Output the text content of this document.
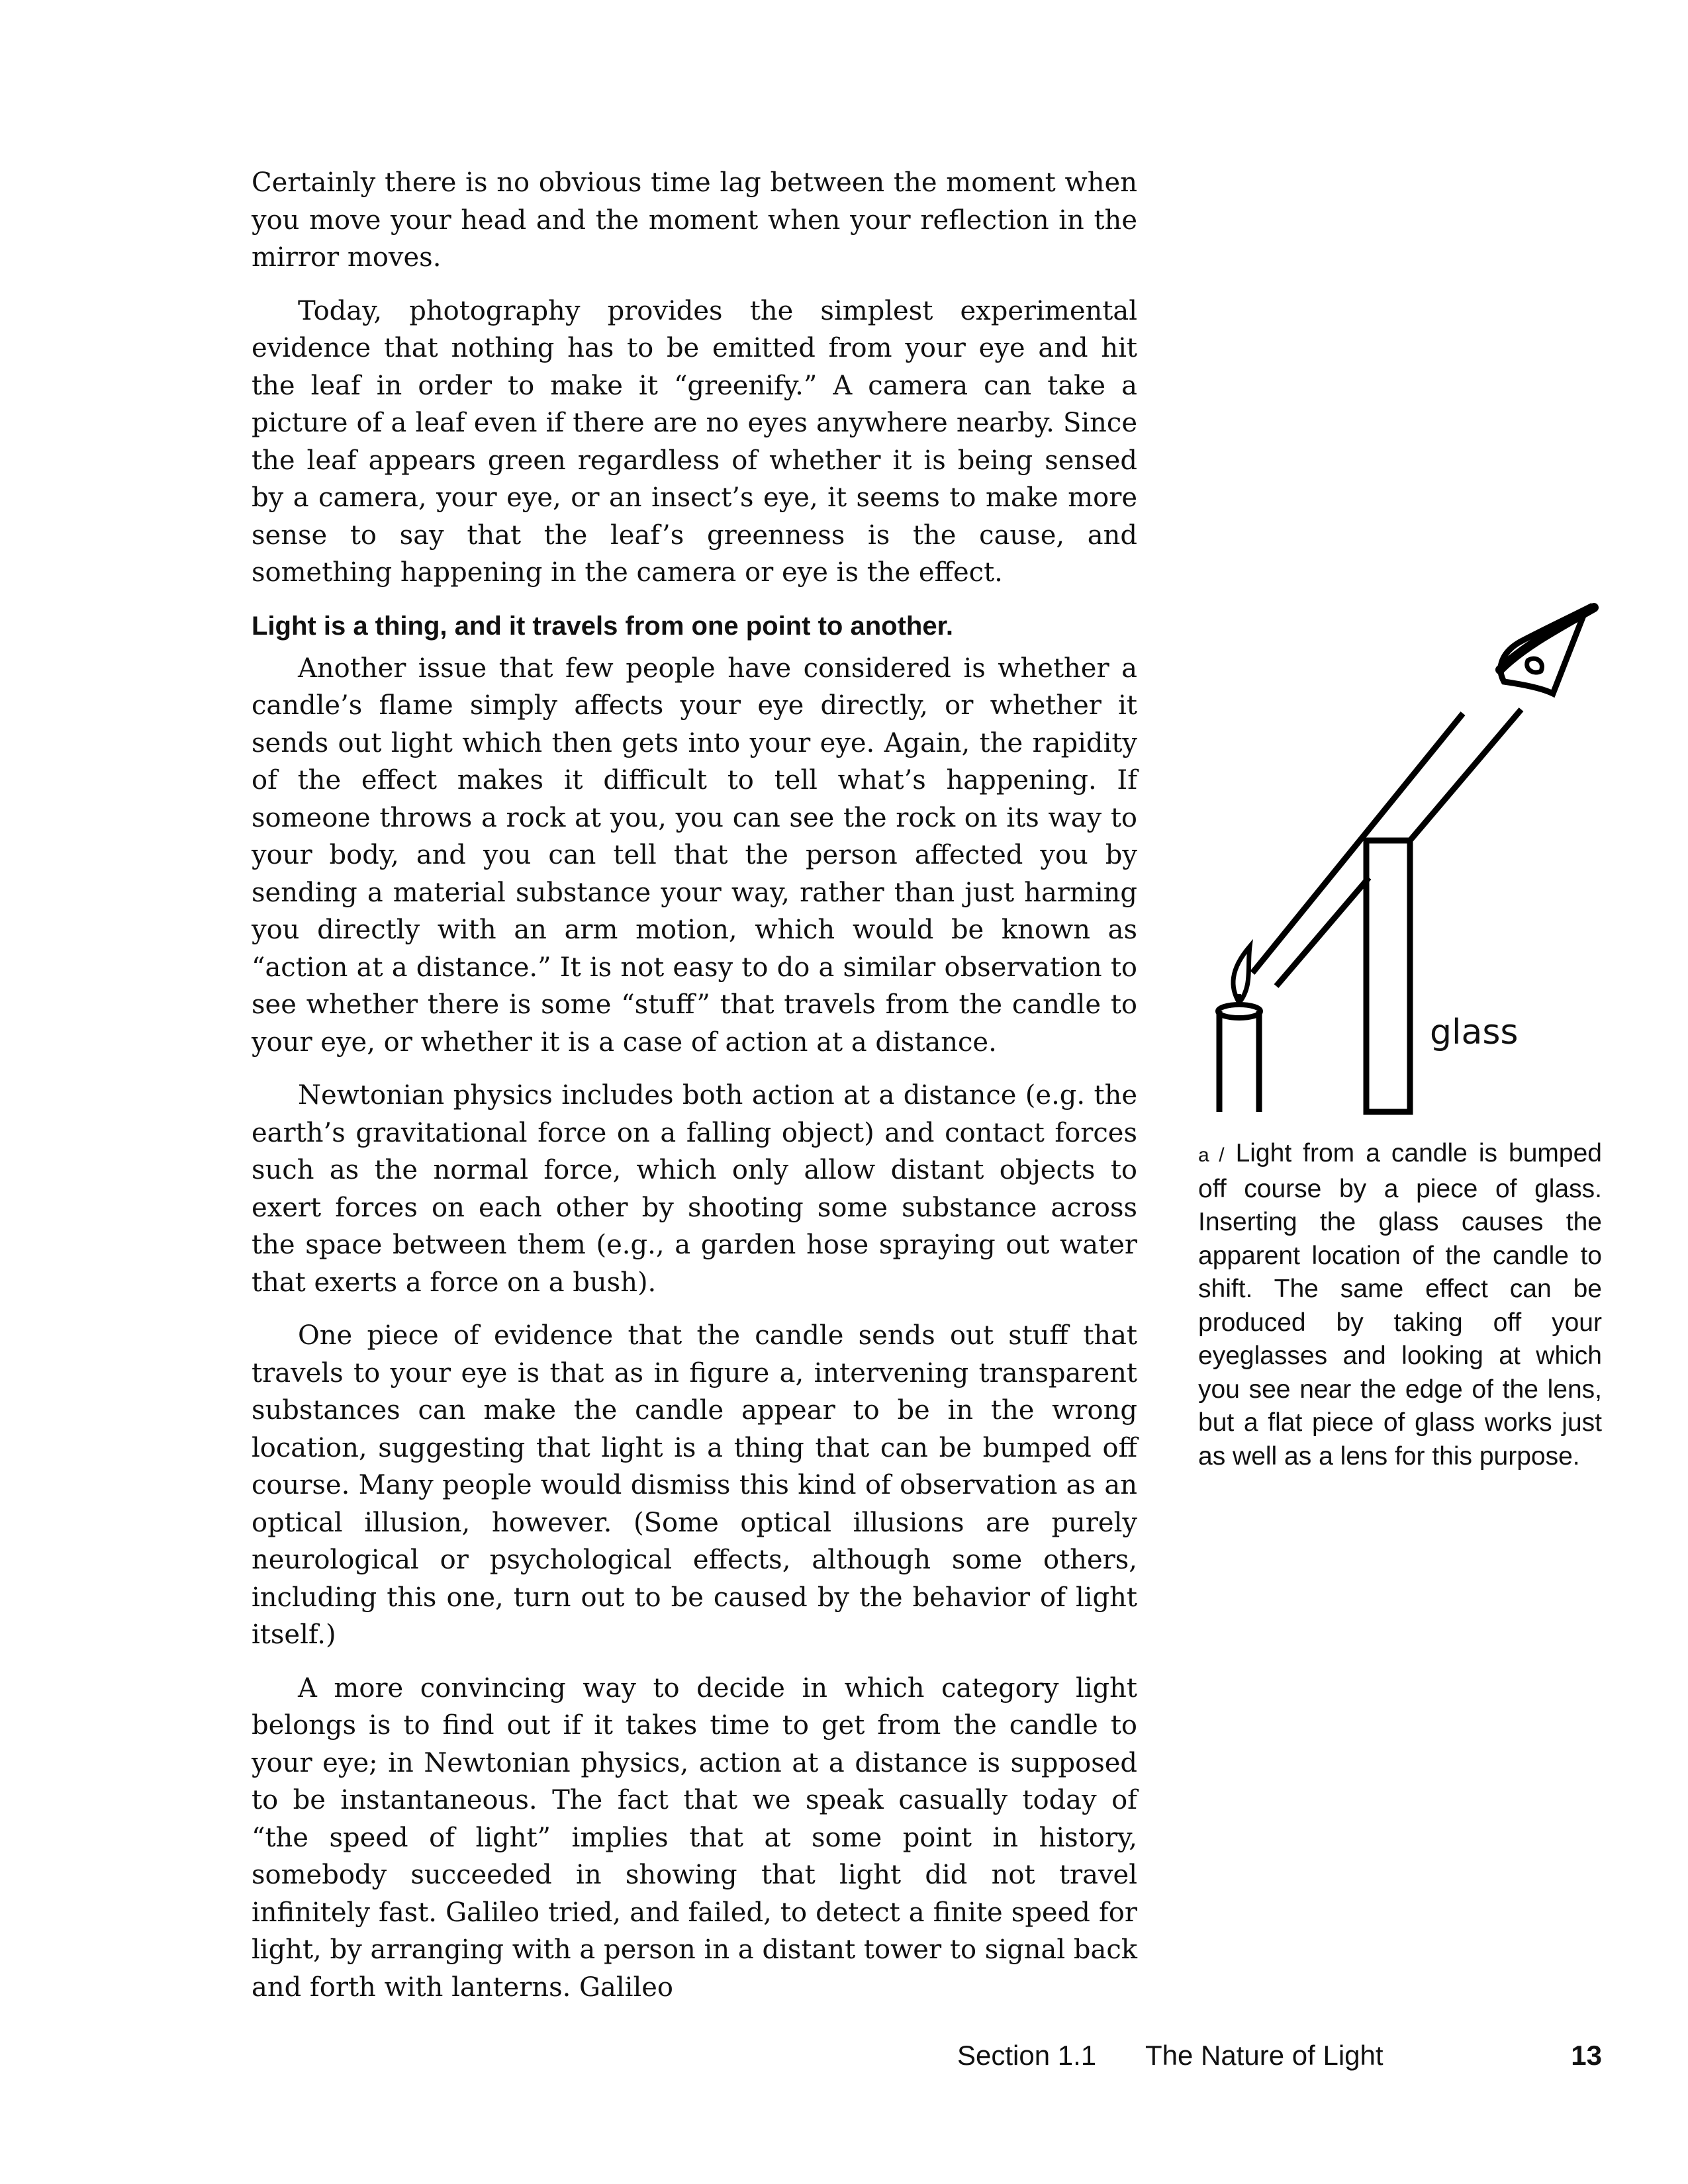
Certainly there is no obvious time lag between the moment when you move your head and the moment when your reflection in the mirror moves.

Today, photography provides the simplest experimental evidence that nothing has to be emitted from your eye and hit the leaf in order to make it “greenify.” A camera can take a picture of a leaf even if there are no eyes anywhere nearby. Since the leaf appears green regardless of whether it is being sensed by a camera, your eye, or an insect’s eye, it seems to make more sense to say that the leaf’s greenness is the cause, and something happening in the camera or eye is the effect.

Light is a thing, and it travels from one point to another.

Another issue that few people have considered is whether a candle’s flame simply affects your eye directly, or whether it sends out light which then gets into your eye. Again, the rapidity of the effect makes it difficult to tell what’s happening. If someone throws a rock at you, you can see the rock on its way to your body, and you can tell that the person affected you by sending a material substance your way, rather than just harming you directly with an arm motion, which would be known as “action at a distance.” It is not easy to do a similar observation to see whether there is some “stuff” that travels from the candle to your eye, or whether it is a case of action at a distance.

Newtonian physics includes both action at a distance (e.g. the earth’s gravitational force on a falling object) and contact forces such as the normal force, which only allow distant objects to exert forces on each other by shooting some substance across the space between them (e.g., a garden hose spraying out water that exerts a force on a bush).

One piece of evidence that the candle sends out stuff that travels to your eye is that as in figure a, intervening transparent substances can make the candle appear to be in the wrong location, suggesting that light is a thing that can be bumped off course. Many people would dismiss this kind of observation as an optical illusion, however. (Some optical illusions are purely neurological or psychological effects, although some others, including this one, turn out to be caused by the behavior of light itself.)

A more convincing way to decide in which category light belongs is to find out if it takes time to get from the candle to your eye; in Newtonian physics, action at a distance is supposed to be instantaneous. The fact that we speak casually today of “the speed of light” implies that at some point in history, somebody succeeded in showing that light did not travel infinitely fast. Galileo tried, and failed, to detect a finite speed for light, by arranging with a person in a distant tower to signal back and forth with lanterns. Galileo

glass
a / Light from a candle is bumped off course by a piece of glass. Inserting the glass causes the apparent location of the candle to shift. The same effect can be produced by taking off your eyeglasses and looking at which you see near the edge of the lens, but a flat piece of glass works just as well as a lens for this purpose.
Section 1.1 The Nature of Light	13
